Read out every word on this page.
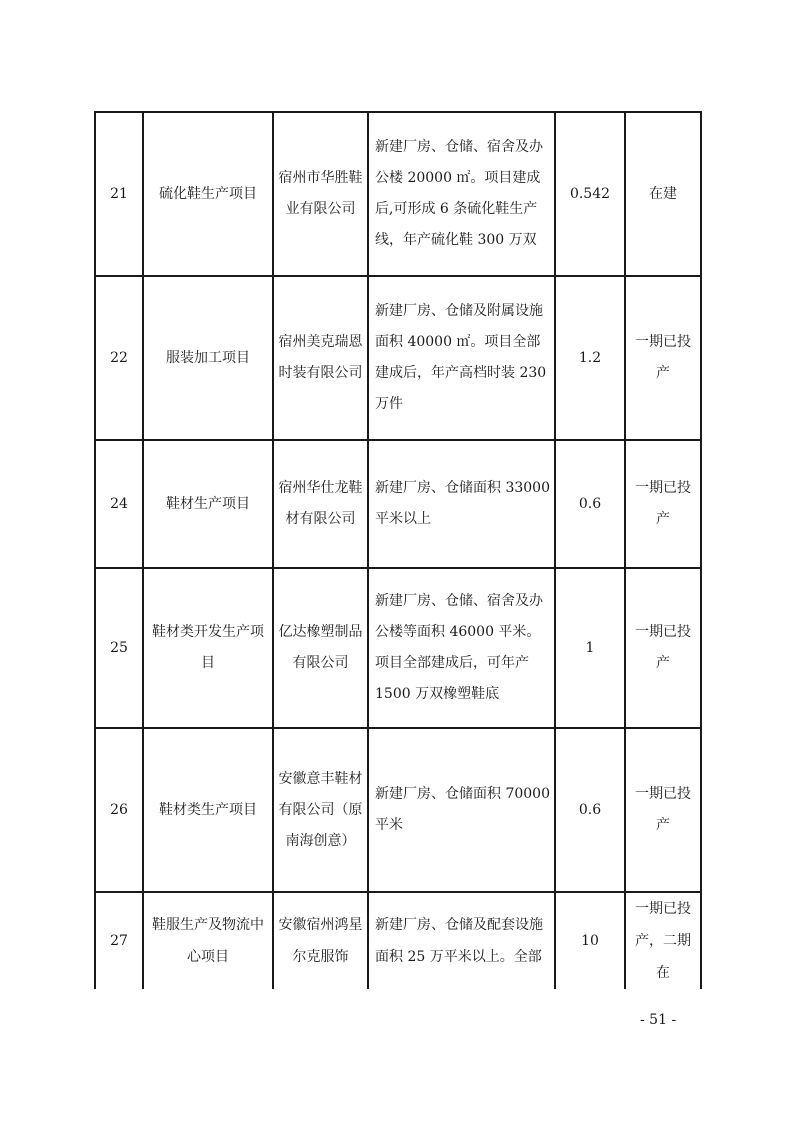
21	硫化鞋生产项目	宿州市华胜鞋业有限公司	新建厂房、仓储、宿舍及办公楼 20000 ㎡。项目建成后,可形成 6 条硫化鞋生产线，年产硫化鞋 300 万双	0.542	在建
22	服装加工项目	宿州美克瑞恩时装有限公司	新建厂房、仓储及附属设施面积 40000 ㎡。项目全部建成后，年产高档时装 230 万件	1.2	一期已投产
24	鞋材生产项目	宿州华仕龙鞋材有限公司	新建厂房、仓储面积 33000 平米以上	0.6	一期已投产
25	鞋材类开发生产项目	亿达橡塑制品有限公司	新建厂房、仓储、宿舍及办公楼等面积 46000 平米。项目全部建成后，可年产 1500 万双橡塑鞋底	1	一期已投产
26	鞋材类生产项目	安徽意丰鞋材有限公司（原南海创意）	新建厂房、仓储面积 70000 平米	0.6	一期已投产
27	鞋服生产及物流中心项目	安徽宿州鸿星尔克服饰	新建厂房、仓储及配套设施面积 25 万平米以上。全部	10	一期已投产，二期在
- 51 -
